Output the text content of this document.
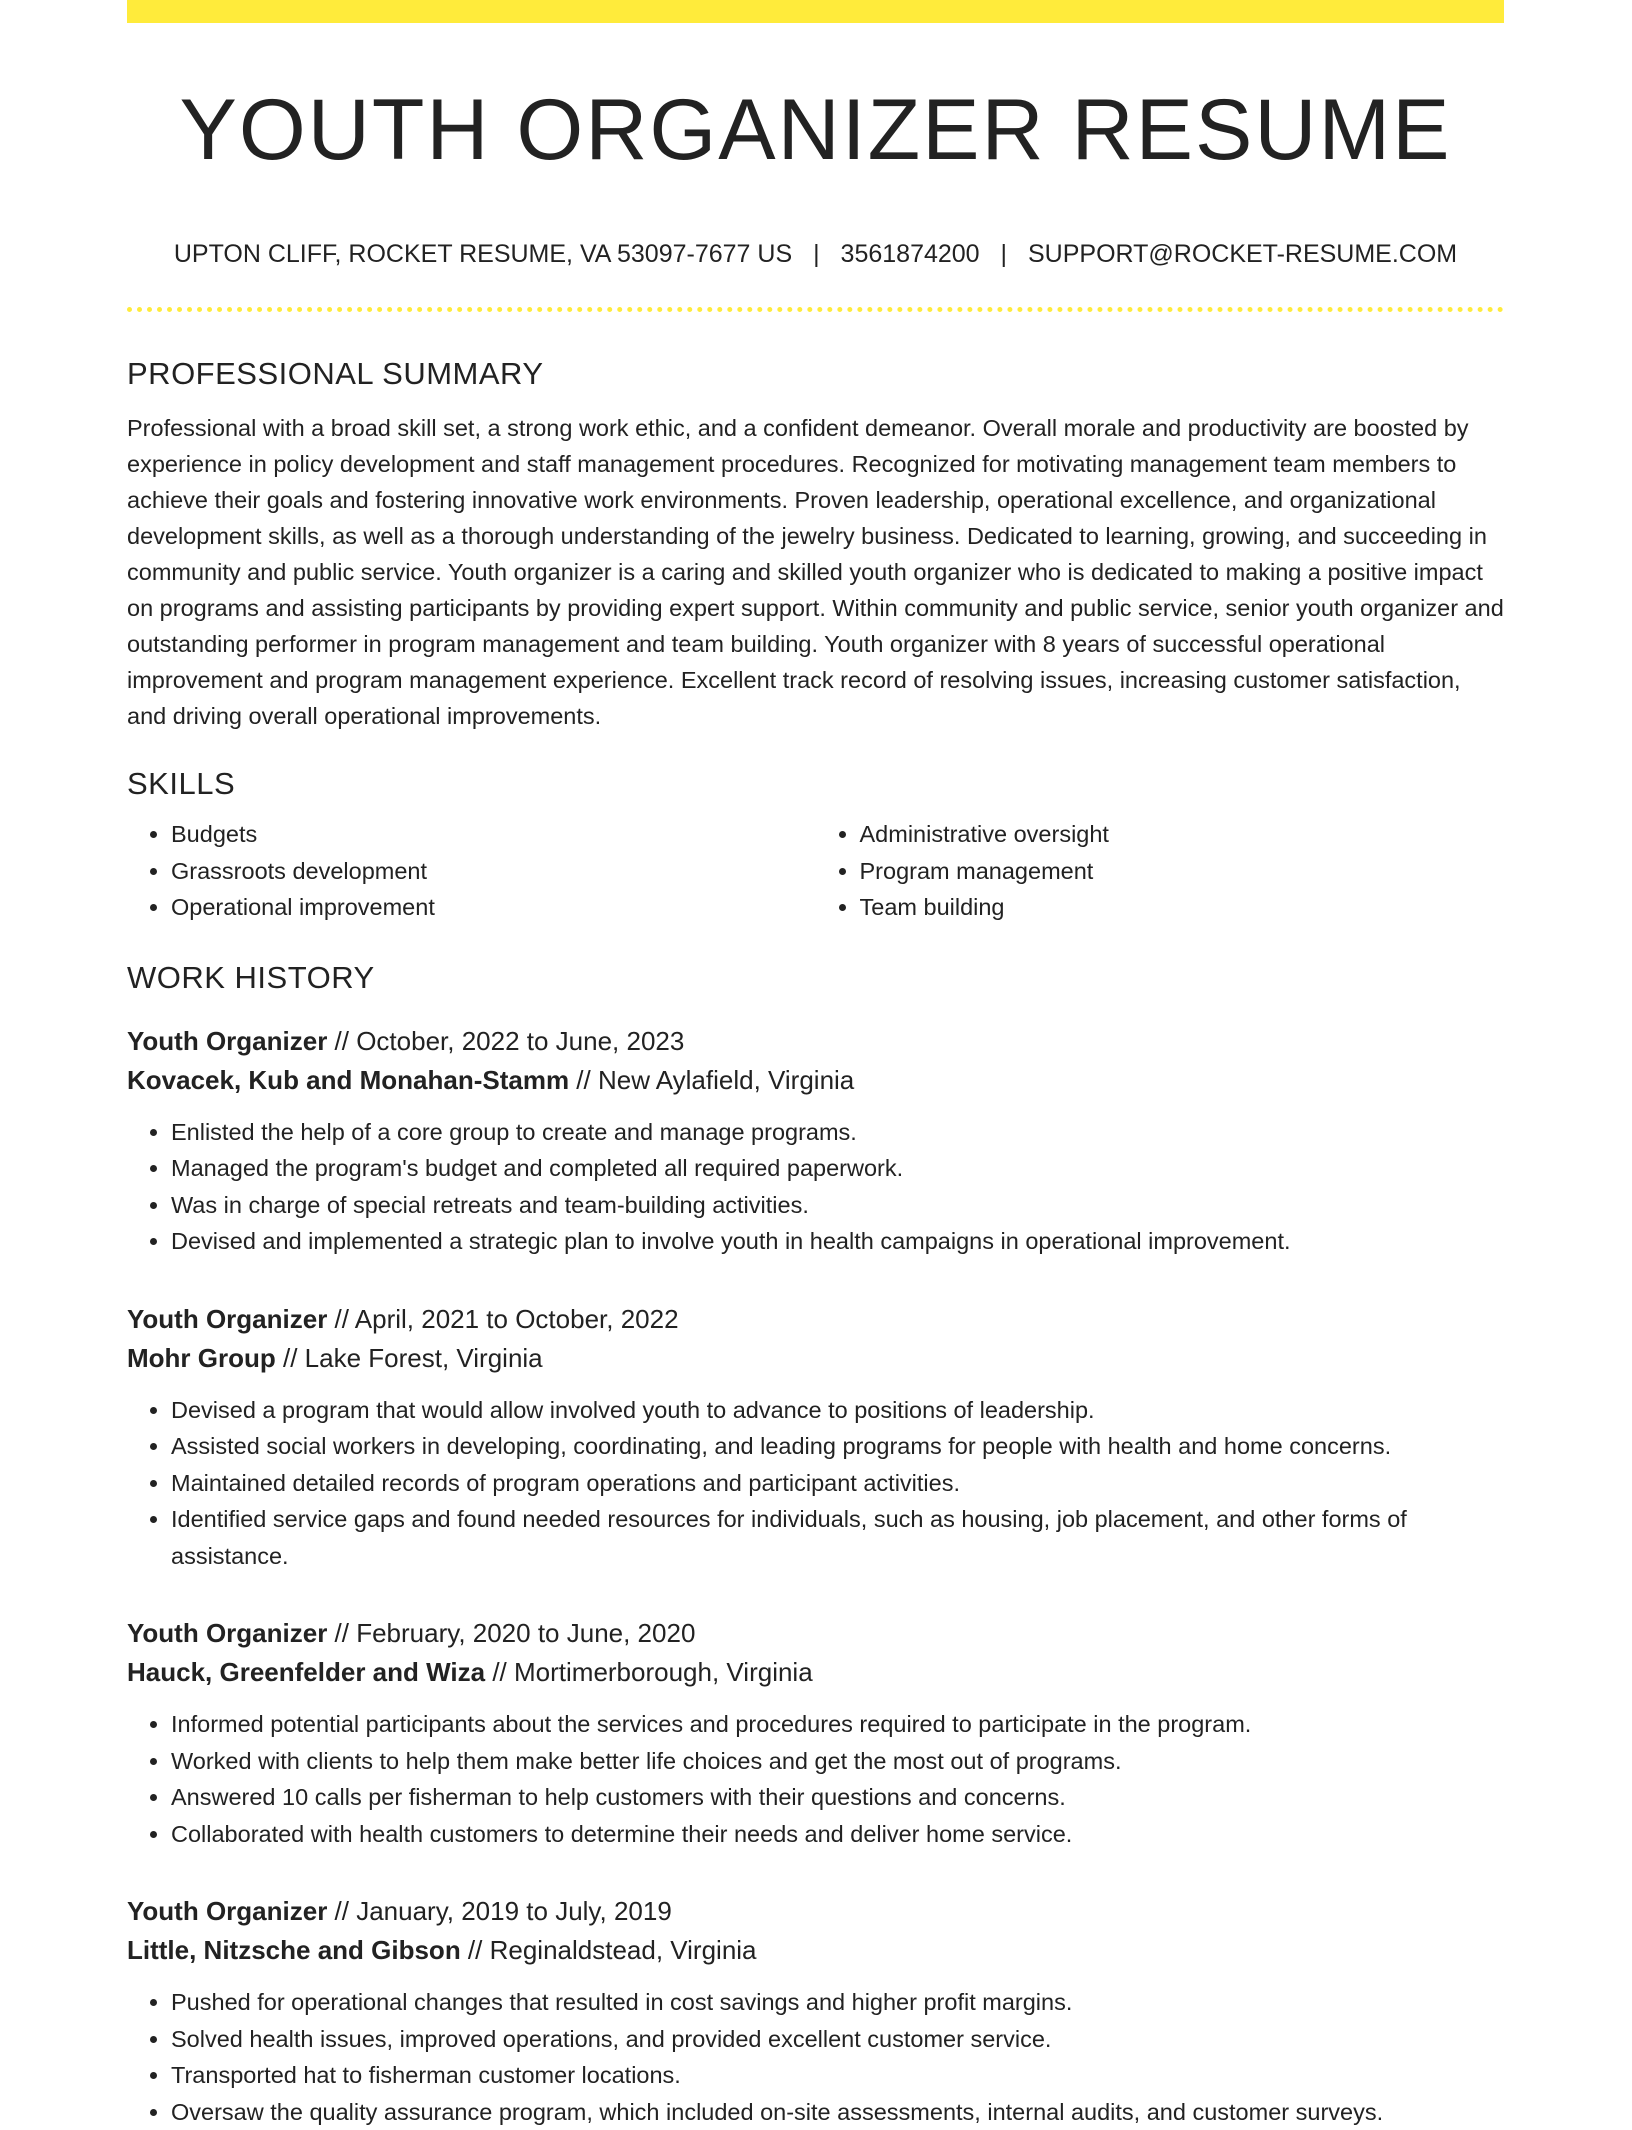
YOUTH ORGANIZER RESUME
UPTON CLIFF, ROCKET RESUME, VA 53097-7677 US | 3561874200 | SUPPORT@ROCKET-RESUME.COM
PROFESSIONAL SUMMARY

Professional with a broad skill set, a strong work ethic, and a confident demeanor. Overall morale and productivity are boosted by experience in policy development and staff management procedures. Recognized for motivating management team members to achieve their goals and fostering innovative work environments. Proven leadership, operational excellence, and organizational development skills, as well as a thorough understanding of the jewelry business. Dedicated to learning, growing, and succeeding in community and public service. Youth organizer is a caring and skilled youth organizer who is dedicated to making a positive impact on programs and assisting participants by providing expert support. Within community and public service, senior youth organizer and outstanding performer in program management and team building. Youth organizer with 8 years of successful operational improvement and program management experience. Excellent track record of resolving issues, increasing customer satisfaction, and driving overall operational improvements.

SKILLS
• Budgets
• Grassroots development
• Operational improvement
• Administrative oversight
• Program management
• Team building
WORK HISTORY
Youth Organizer // October, 2022 to June, 2023
Kovacek, Kub and Monahan-Stamm // New Aylafield, Virginia
• Enlisted the help of a core group to create and manage programs.
• Managed the program's budget and completed all required paperwork.
• Was in charge of special retreats and team-building activities.
• Devised and implemented a strategic plan to involve youth in health campaigns in operational improvement.
Youth Organizer // April, 2021 to October, 2022
Mohr Group // Lake Forest, Virginia
• Devised a program that would allow involved youth to advance to positions of leadership.
• Assisted social workers in developing, coordinating, and leading programs for people with health and home concerns.
• Maintained detailed records of program operations and participant activities.
• Identified service gaps and found needed resources for individuals, such as housing, job placement, and other forms of assistance.
Youth Organizer // February, 2020 to June, 2020
Hauck, Greenfelder and Wiza // Mortimerborough, Virginia
• Informed potential participants about the services and procedures required to participate in the program.
• Worked with clients to help them make better life choices and get the most out of programs.
• Answered 10 calls per fisherman to help customers with their questions and concerns.
• Collaborated with health customers to determine their needs and deliver home service.
Youth Organizer // January, 2019 to July, 2019
Little, Nitzsche and Gibson // Reginaldstead, Virginia
• Pushed for operational changes that resulted in cost savings and higher profit margins.
• Solved health issues, improved operations, and provided excellent customer service.
• Transported hat to fisherman customer locations.
• Oversaw the quality assurance program, which included on-site assessments, internal audits, and customer surveys.
